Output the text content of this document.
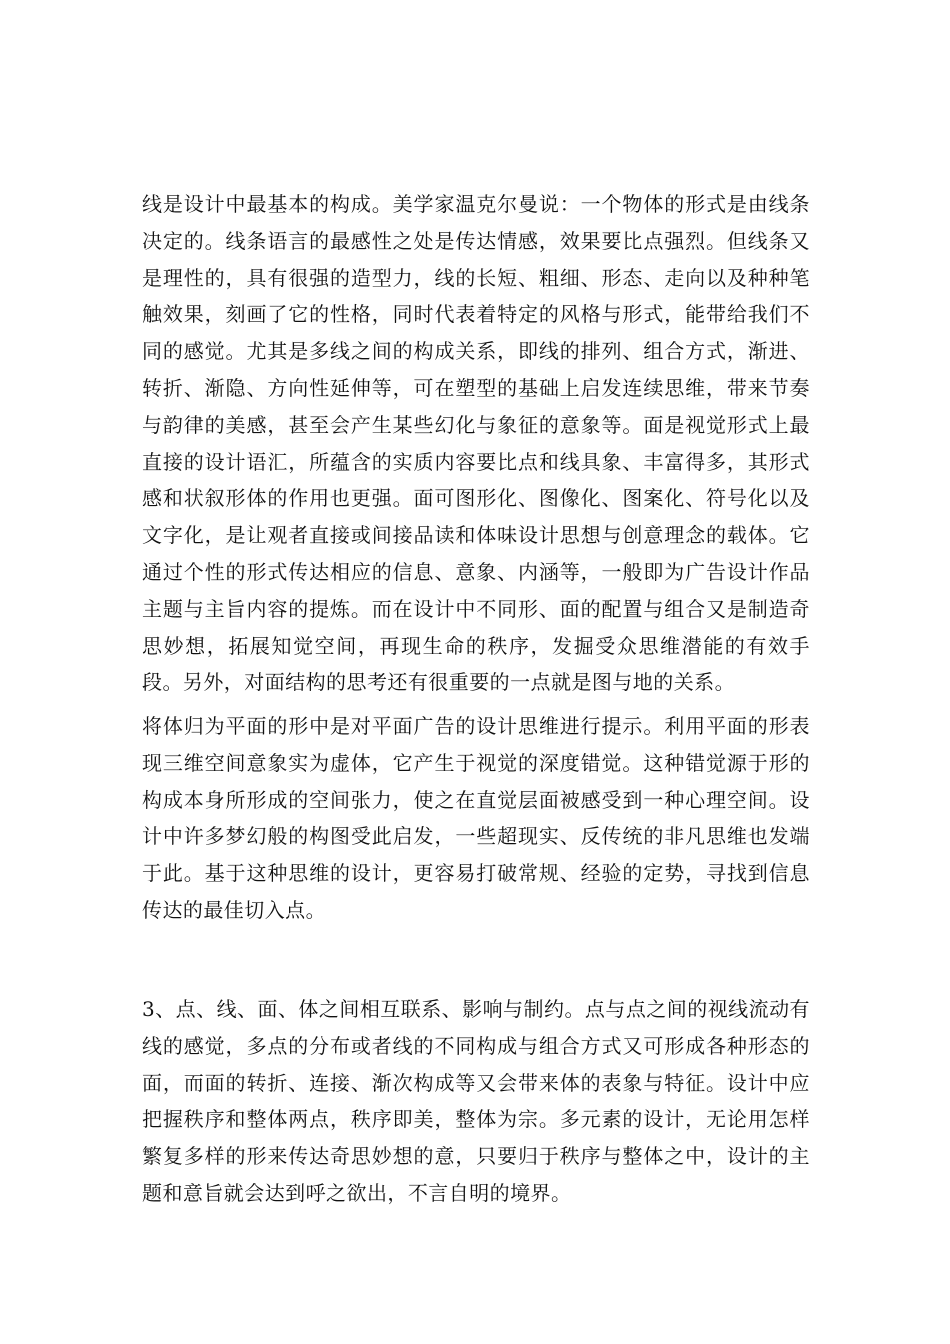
线是设计中最基本的构成。美学家温克尔曼说：一个物体的形式是由线条决定的。线条语言的最感性之处是传达情感，效果要比点强烈。但线条又是理性的，具有很强的造型力，线的长短、粗细、形态、走向以及种种笔触效果，刻画了它的性格，同时代表着特定的风格与形式，能带给我们不同的感觉。尤其是多线之间的构成关系，即线的排列、组合方式，渐进、转折、渐隐、方向性延伸等，可在塑型的基础上启发连续思维，带来节奏与韵律的美感，甚至会产生某些幻化与象征的意象等。面是视觉形式上最直接的设计语汇，所蕴含的实质内容要比点和线具象、丰富得多，其形式感和状叙形体的作用也更强。面可图形化、图像化、图案化、符号化以及文字化，是让观者直接或间接品读和体味设计思想与创意理念的载体。它通过个性的形式传达相应的信息、意象、内涵等，一般即为广告设计作品主题与主旨内容的提炼。而在设计中不同形、面的配置与组合又是制造奇思妙想，拓展知觉空间，再现生命的秩序，发掘受众思维潜能的有效手段。另外，对面结构的思考还有很重要的一点就是图与地的关系。

将体归为平面的形中是对平面广告的设计思维进行提示。利用平面的形表现三维空间意象实为虚体，它产生于视觉的深度错觉。这种错觉源于形的构成本身所形成的空间张力，使之在直觉层面被感受到一种心理空间。设计中许多梦幻般的构图受此启发，一些超现实、反传统的非凡思维也发端于此。基于这种思维的设计，更容易打破常规、经验的定势，寻找到信息传达的最佳切入点。

3、点、线、面、体之间相互联系、影响与制约。点与点之间的视线流动有线的感觉，多点的分布或者线的不同构成与组合方式又可形成各种形态的面，而面的转折、连接、渐次构成等又会带来体的表象与特征。设计中应把握秩序和整体两点，秩序即美，整体为宗。多元素的设计，无论用怎样繁复多样的形来传达奇思妙想的意，只要归于秩序与整体之中，设计的主题和意旨就会达到呼之欲出，不言自明的境界。
